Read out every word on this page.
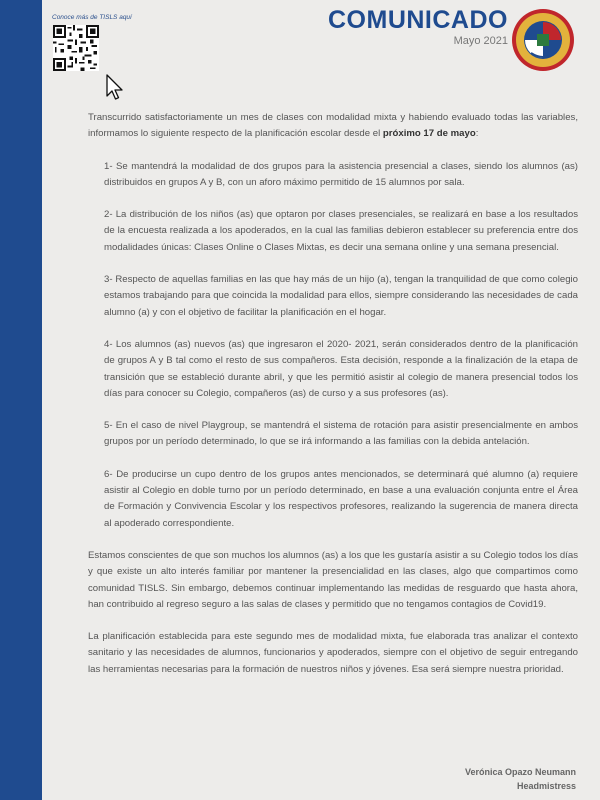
Conoce más de TISLS aquí	COMUNICADO
Mayo 2021

Transcurrido satisfactoriamente un mes de clases con modalidad mixta y habiendo evaluado todas las variables, informamos lo siguiente respecto de la planificación escolar desde el próximo 17 de mayo:

1- Se mantendrá la modalidad de dos grupos para la asistencia presencial a clases, siendo los alumnos (as) distribuidos en grupos A y B, con un aforo máximo permitido de 15 alumnos por sala.

2- La distribución de los niños (as) que optaron por clases presenciales, se realizará en base a los resultados de la encuesta realizada a los apoderados, en la cual las familias debieron establecer su preferencia entre dos modalidades únicas: Clases Online o Clases Mixtas, es decir una semana online y una semana presencial.

3- Respecto de aquellas familias en las que hay más de un hijo (a), tengan la tranquilidad de que como colegio estamos trabajando para que coincida la modalidad para ellos, siempre considerando las necesidades de cada alumno (a) y con el objetivo de facilitar la planificación en el hogar.

4- Los alumnos (as) nuevos (as) que ingresaron el 2020- 2021, serán considerados dentro de la planificación de grupos A y B tal como el resto de sus compañeros. Esta decisión, responde a la finalización de la etapa de transición que se estableció durante abril, y que les permitió asistir al colegio de manera presencial todos los días para conocer su Colegio, compañeros (as) de curso y a sus profesores (as).

5- En el caso de nivel Playgroup, se mantendrá el sistema de rotación para asistir presencialmente en ambos grupos por un período determinado, lo que se irá informando a las familias con la debida antelación.

6- De producirse un cupo dentro de los grupos antes mencionados, se determinará qué alumno (a) requiere asistir al Colegio en doble turno por un período determinado, en base a una evaluación conjunta entre el Área de Formación y Convivencia Escolar y los respectivos profesores, realizando la sugerencia de manera directa al apoderado correspondiente.

Estamos conscientes de que son muchos los alumnos (as) a los que les gustaría asistir a su Colegio todos los días y que existe un alto interés familiar por mantener la presencialidad en las clases, algo que compartimos como comunidad TISLS. Sin embargo, debemos continuar implementando las medidas de resguardo que hasta ahora, han contribuido al regreso seguro a las salas de clases y permitido que no tengamos contagios de Covid19.

La planificación establecida para este segundo mes de modalidad mixta, fue elaborada tras analizar el contexto sanitario y las necesidades de alumnos, funcionarios y apoderados, siempre con el objetivo de seguir entregando las herramientas necesarias para la formación de nuestros niños y jóvenes. Esa será siempre nuestra prioridad.

Verónica Opazo Neumann
Headmistress
